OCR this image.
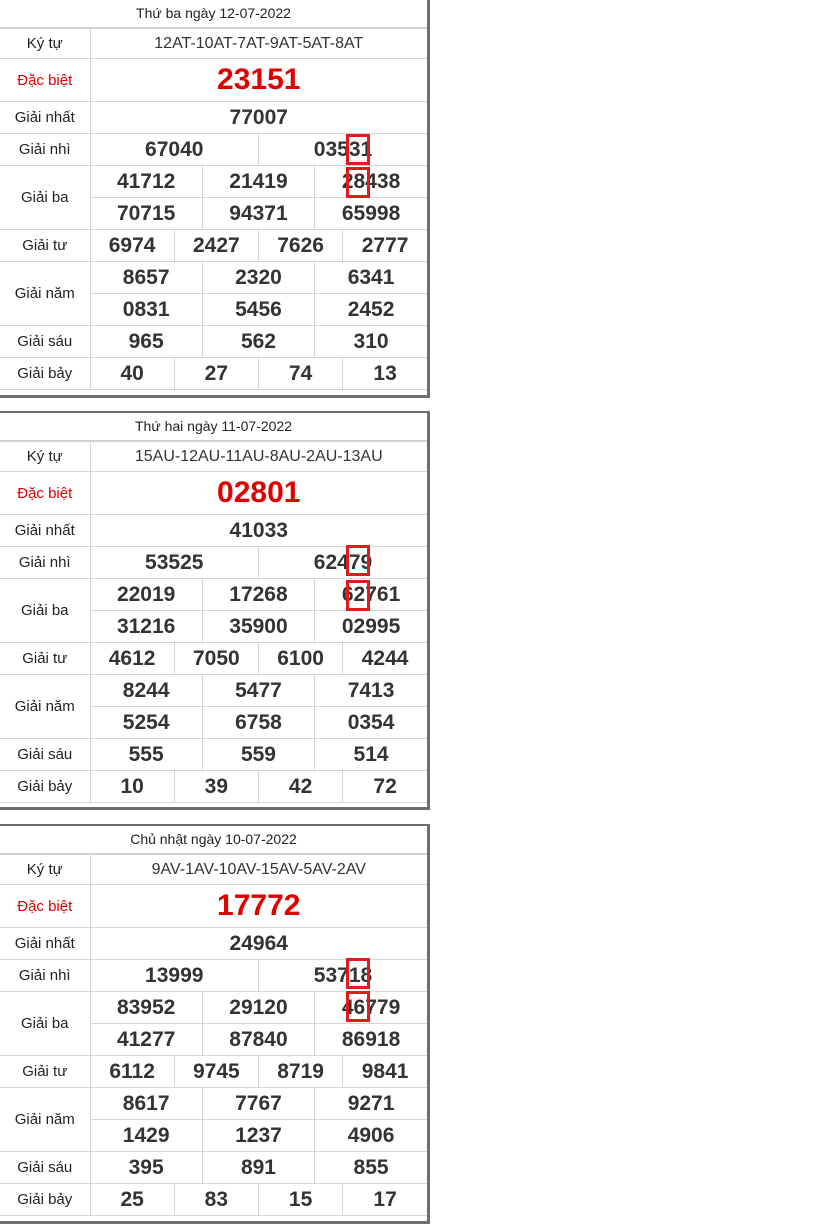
Thứ ba ngày 12-07-2022
Ký tự	12AT-10AT-7AT-9AT-5AT-8AT					
Đặc biệt	23151					
Giải nhất	77007					
Giải nhì	67040			03531		
Giải ba	41712		21419		28438	
	70715		94371		65998	
Giải tư	6974	2427		7626		2777
Giải năm	8657		2320		6341	
	0831		5456		2452	
Giải sáu	965		562		310	
Giải bảy	40	27		74		13
Thứ hai ngày 11-07-2022
Ký tự	15AU-12AU-11AU-8AU-2AU-13AU					
Đặc biệt	02801					
Giải nhất	41033					
Giải nhì	53525			62479		
Giải ba	22019		17268		62761	
	31216		35900		02995	
Giải tư	4612	7050		6100		4244
Giải năm	8244		5477		7413	
	5254		6758		0354	
Giải sáu	555		559		514	
Giải bảy	10	39		42		72
Chủ nhật ngày 10-07-2022
Ký tự	9AV-1AV-10AV-15AV-5AV-2AV					
Đặc biệt	17772					
Giải nhất	24964					
Giải nhì	13999			53718		
Giải ba	83952		29120		46779	
	41277		87840		86918	
Giải tư	6112	9745		8719		9841
Giải năm	8617		7767		9271	
	1429		1237		4906	
Giải sáu	395		891		855	
Giải bảy	25	83		15		17
